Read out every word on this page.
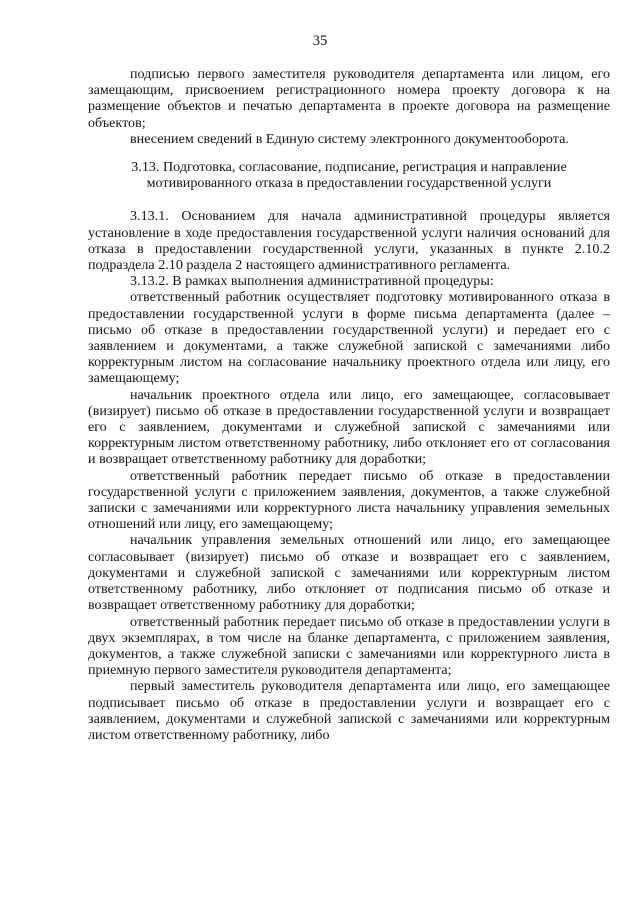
35

подписью первого заместителя руководителя департамента или лицом, его замещающим, присвоением регистрационного номера проекту договора к на размещение объектов и печатью департамента в проекте договора на размещение объектов;

внесением сведений в Единую систему электронного документооборота.

3.13. Подготовка, согласование, подписание, регистрация и направление мотивированного отказа в предоставлении государственной услуги

3.13.1. Основанием для начала административной процедуры является установление в ходе предоставления государственной услуги наличия оснований для отказа в предоставлении государственной услуги, указанных в пункте 2.10.2 подраздела 2.10 раздела 2 настоящего административного регламента.

3.13.2. В рамках выполнения административной процедуры:

ответственный работник осуществляет подготовку мотивированного отказа в предоставлении государственной услуги в форме письма департамента (далее – письмо об отказе в предоставлении государственной услуги) и передает его с заявлением и документами, а также служебной запиской с замечаниями либо корректурным листом на согласование начальнику проектного отдела или лицу, его замещающему;

начальник проектного отдела или лицо, его замещающее, согласовывает (визирует) письмо об отказе в предоставлении государственной услуги и возвращает его с заявлением, документами и служебной запиской с замечаниями или корректурным листом ответственному работнику, либо отклоняет его от согласования и возвращает ответственному работнику для доработки;

ответственный работник передает письмо об отказе в предоставлении государственной услуги с приложением заявления, документов, а также служебной записки с замечаниями или корректурного листа начальнику управления земельных отношений или лицу, его замещающему;

начальник управления земельных отношений или лицо, его замещающее согласовывает (визирует) письмо об отказе и возвращает его с заявлением, документами и служебной запиской с замечаниями или корректурным листом ответственному работнику, либо отклоняет от подписания письмо об отказе и возвращает ответственному работнику для доработки;

ответственный работник передает письмо об отказе в предоставлении услуги в двух экземплярах, в том числе на бланке департамента, с приложением заявления, документов, а также служебной записки с замечаниями или корректурного листа в приемную первого заместителя руководителя департамента;

первый заместитель руководителя департамента или лицо, его замещающее подписывает письмо об отказе в предоставлении услуги и возвращает его с заявлением, документами и служебной запиской с замечаниями или корректурным листом ответственному работнику, либо
